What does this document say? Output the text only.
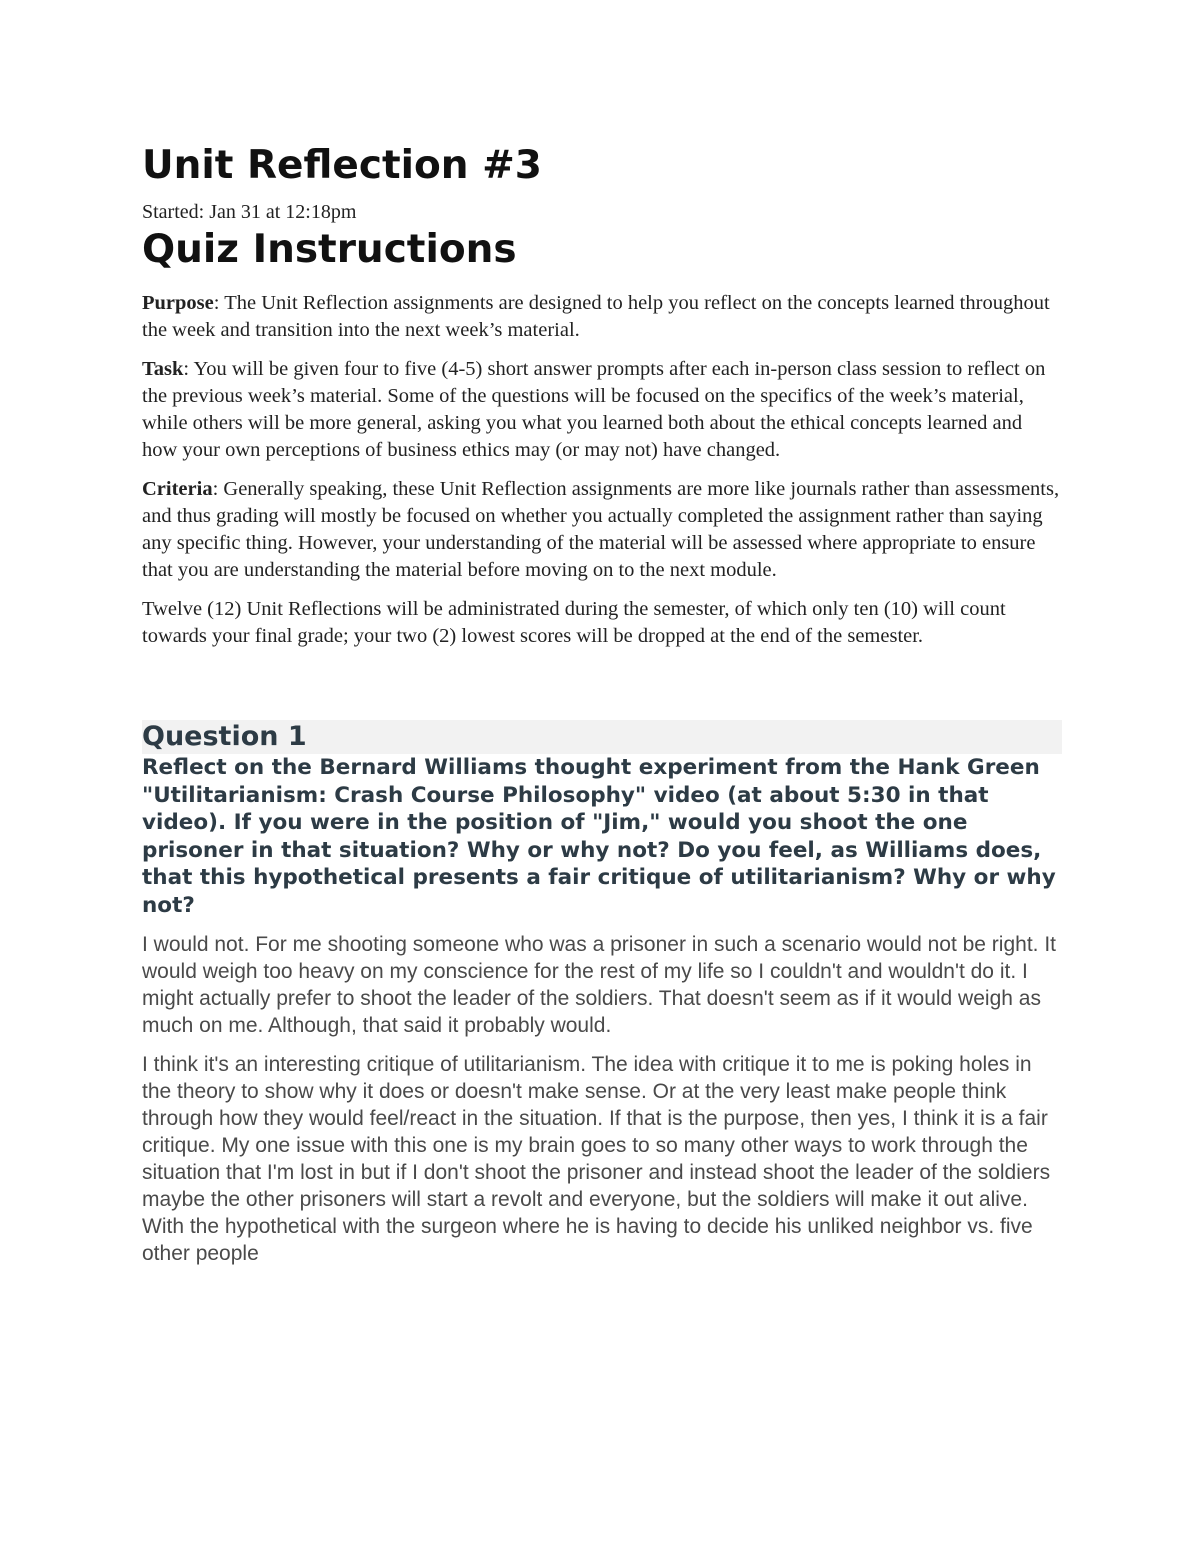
Unit Reflection #3
Started: Jan 31 at 12:18pm
Quiz Instructions

Purpose: The Unit Reflection assignments are designed to help you reflect on the concepts learned throughout the week and transition into the next week’s material.

Task: You will be given four to five (4-5) short answer prompts after each in-person class session to reflect on the previous week’s material. Some of the questions will be focused on the specifics of the week’s material, while others will be more general, asking you what you learned both about the ethical concepts learned and how your own perceptions of business ethics may (or may not) have changed.

Criteria: Generally speaking, these Unit Reflection assignments are more like journals rather than assessments, and thus grading will mostly be focused on whether you actually completed the assignment rather than saying any specific thing. However, your understanding of the material will be assessed where appropriate to ensure that you are understanding the material before moving on to the next module.

Twelve (12) Unit Reflections will be administrated during the semester, of which only ten (10) will count towards your final grade; your two (2) lowest scores will be dropped at the end of the semester.

Question 1

Reflect on the Bernard Williams thought experiment from the Hank Green "Utilitarianism: Crash Course Philosophy" video (at about 5:30 in that video). If you were in the position of "Jim," would you shoot the one prisoner in that situation? Why or why not? Do you feel, as Williams does, that this hypothetical presents a fair critique of utilitarianism? Why or why not?

I would not. For me shooting someone who was a prisoner in such a scenario would not be right. It would weigh too heavy on my conscience for the rest of my life so I couldn't and wouldn't do it. I might actually prefer to shoot the leader of the soldiers. That doesn't seem as if it would weigh as much on me. Although, that said it probably would.

I think it's an interesting critique of utilitarianism. The idea with critique it to me is poking holes in the theory to show why it does or doesn't make sense. Or at the very least make people think through how they would feel/react in the situation. If that is the purpose, then yes, I think it is a fair critique. My one issue with this one is my brain goes to so many other ways to work through the situation that I'm lost in but if I don't shoot the prisoner and instead shoot the leader of the soldiers maybe the other prisoners will start a revolt and everyone, but the soldiers will make it out alive. With the hypothetical with the surgeon where he is having to decide his unliked neighbor vs. five other people
